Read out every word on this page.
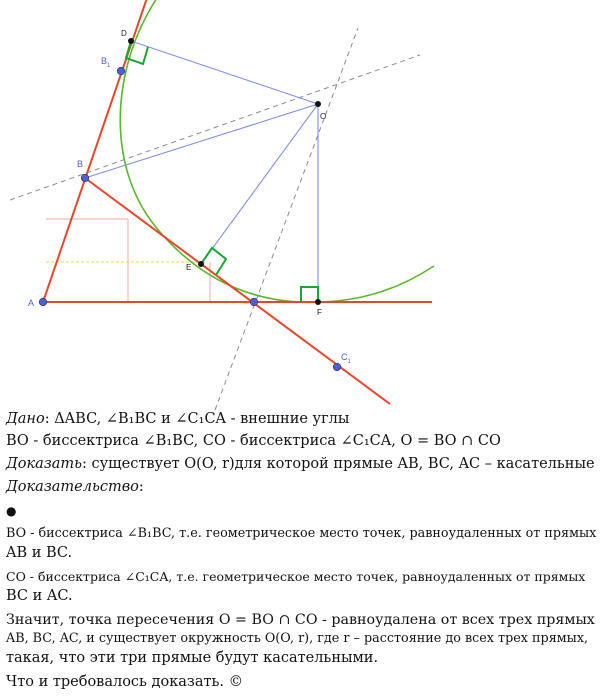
A
B
$B_1$
$C_1$
D
E
O
F
Дано: ΔABC, ∠B₁BC и ∠C₁CA - внешние углы
BO - биссектриса ∠B₁BC, CO - биссектриса ∠C₁CA, O = BO ∩ CO
Доказать: существует O(O, r)для которой прямые AB, BC, AC – касательные
Доказательство:
●
BO - биссектриса ∠B₁BC, т.е. геометрическое место точек, равноудаленных от прямых
AB и BC.
CO - биссектриса ∠C₁CA, т.е. геометрическое место точек, равноудаленных от прямых
BC и AC.
Значит, точка пересечения O = BO ∩ CO - равноудалена от всех трех прямых
AB, BC, AC, и существует окружность O(O, r), где r – расстояние до всех трех прямых,
такая, что эти три прямые будут касательными.
Что и требовалось доказать. ©
